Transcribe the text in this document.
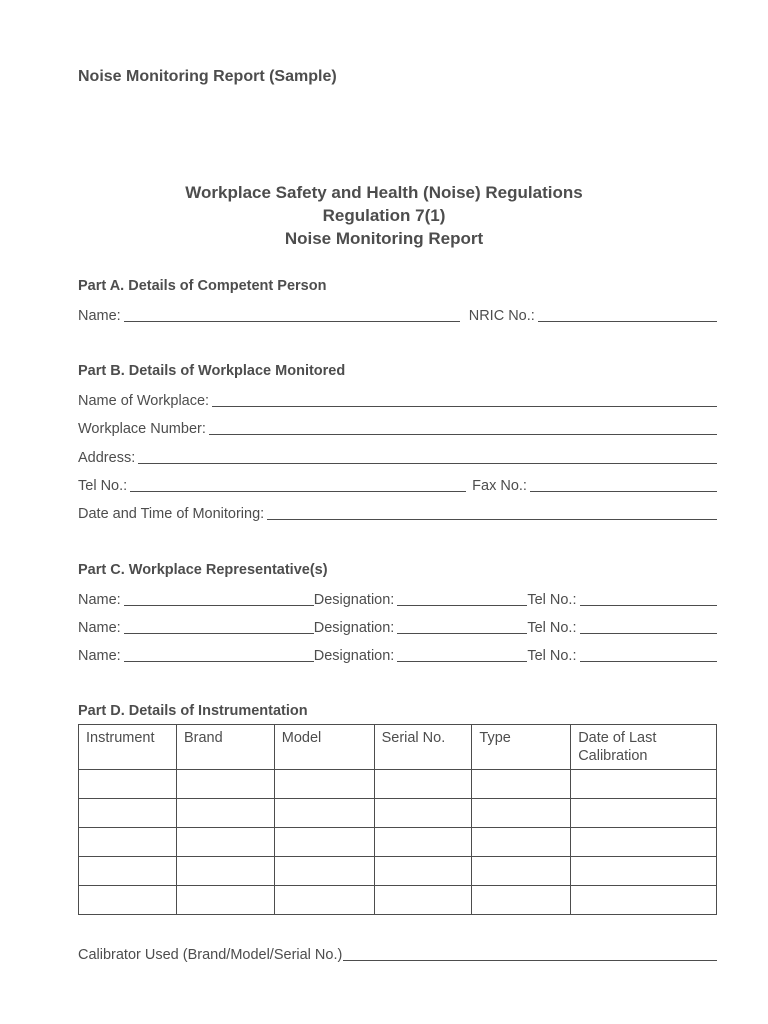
Noise Monitoring Report (Sample)
Workplace Safety and Health (Noise) Regulations
Regulation 7(1)
Noise Monitoring Report
Part A. Details of Competent Person
Name:	NRIC No.:
Part B. Details of Workplace Monitored
Name of Workplace:
Workplace Number:
Address:
Tel No.:	Fax No.:
Date and Time of Monitoring:
Part C. Workplace Representative(s)
Name:	Designation:	Tel No.:
Name:	Designation:	Tel No.:
Name:	Designation:	Tel No.:
Part D. Details of Instrumentation
Instrument	Brand	Model	Serial No.	Type	Date of Last Calibration

Calibrator Used (Brand/Model/Serial No.)
